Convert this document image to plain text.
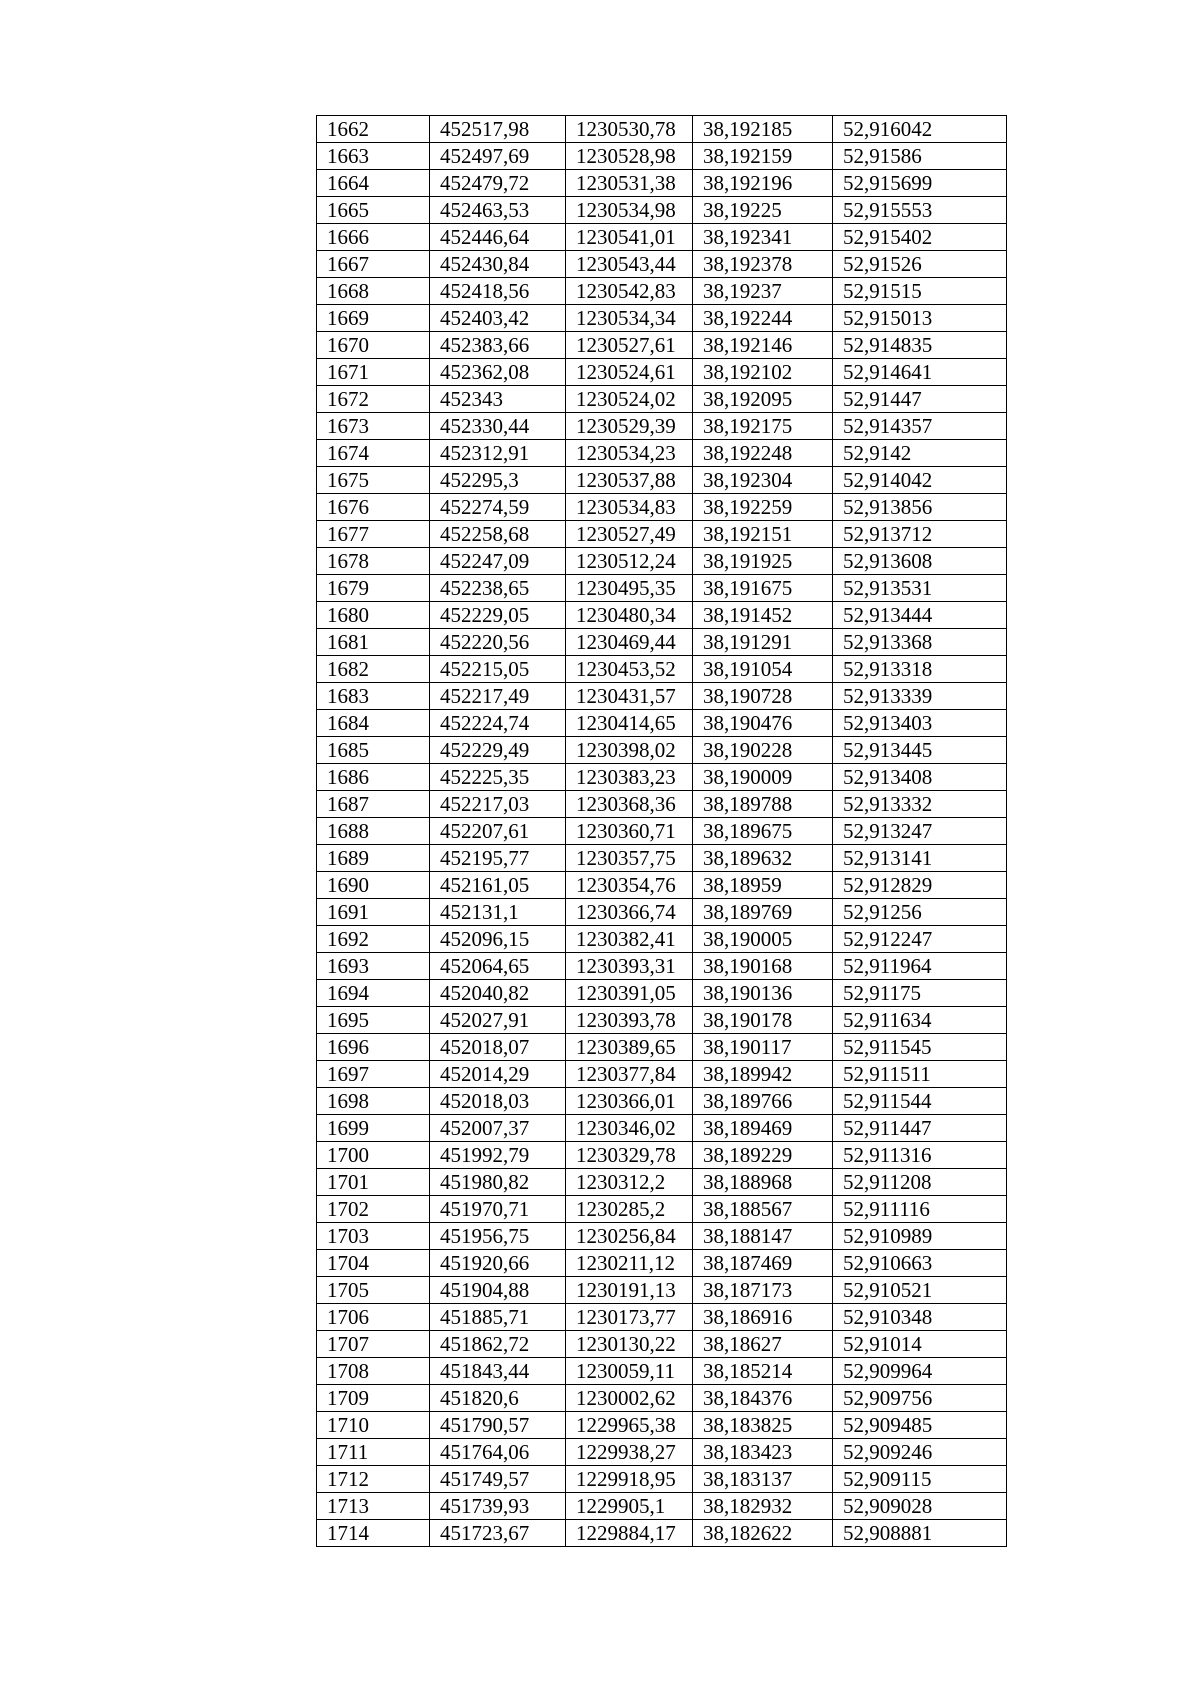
1662	452517,98	1230530,78	38,192185	52,916042
1663	452497,69	1230528,98	38,192159	52,91586
1664	452479,72	1230531,38	38,192196	52,915699
1665	452463,53	1230534,98	38,19225	52,915553
1666	452446,64	1230541,01	38,192341	52,915402
1667	452430,84	1230543,44	38,192378	52,91526
1668	452418,56	1230542,83	38,19237	52,91515
1669	452403,42	1230534,34	38,192244	52,915013
1670	452383,66	1230527,61	38,192146	52,914835
1671	452362,08	1230524,61	38,192102	52,914641
1672	452343	1230524,02	38,192095	52,91447
1673	452330,44	1230529,39	38,192175	52,914357
1674	452312,91	1230534,23	38,192248	52,9142
1675	452295,3	1230537,88	38,192304	52,914042
1676	452274,59	1230534,83	38,192259	52,913856
1677	452258,68	1230527,49	38,192151	52,913712
1678	452247,09	1230512,24	38,191925	52,913608
1679	452238,65	1230495,35	38,191675	52,913531
1680	452229,05	1230480,34	38,191452	52,913444
1681	452220,56	1230469,44	38,191291	52,913368
1682	452215,05	1230453,52	38,191054	52,913318
1683	452217,49	1230431,57	38,190728	52,913339
1684	452224,74	1230414,65	38,190476	52,913403
1685	452229,49	1230398,02	38,190228	52,913445
1686	452225,35	1230383,23	38,190009	52,913408
1687	452217,03	1230368,36	38,189788	52,913332
1688	452207,61	1230360,71	38,189675	52,913247
1689	452195,77	1230357,75	38,189632	52,913141
1690	452161,05	1230354,76	38,18959	52,912829
1691	452131,1	1230366,74	38,189769	52,91256
1692	452096,15	1230382,41	38,190005	52,912247
1693	452064,65	1230393,31	38,190168	52,911964
1694	452040,82	1230391,05	38,190136	52,91175
1695	452027,91	1230393,78	38,190178	52,911634
1696	452018,07	1230389,65	38,190117	52,911545
1697	452014,29	1230377,84	38,189942	52,911511
1698	452018,03	1230366,01	38,189766	52,911544
1699	452007,37	1230346,02	38,189469	52,911447
1700	451992,79	1230329,78	38,189229	52,911316
1701	451980,82	1230312,2	38,188968	52,911208
1702	451970,71	1230285,2	38,188567	52,911116
1703	451956,75	1230256,84	38,188147	52,910989
1704	451920,66	1230211,12	38,187469	52,910663
1705	451904,88	1230191,13	38,187173	52,910521
1706	451885,71	1230173,77	38,186916	52,910348
1707	451862,72	1230130,22	38,18627	52,91014
1708	451843,44	1230059,11	38,185214	52,909964
1709	451820,6	1230002,62	38,184376	52,909756
1710	451790,57	1229965,38	38,183825	52,909485
1711	451764,06	1229938,27	38,183423	52,909246
1712	451749,57	1229918,95	38,183137	52,909115
1713	451739,93	1229905,1	38,182932	52,909028
1714	451723,67	1229884,17	38,182622	52,908881
